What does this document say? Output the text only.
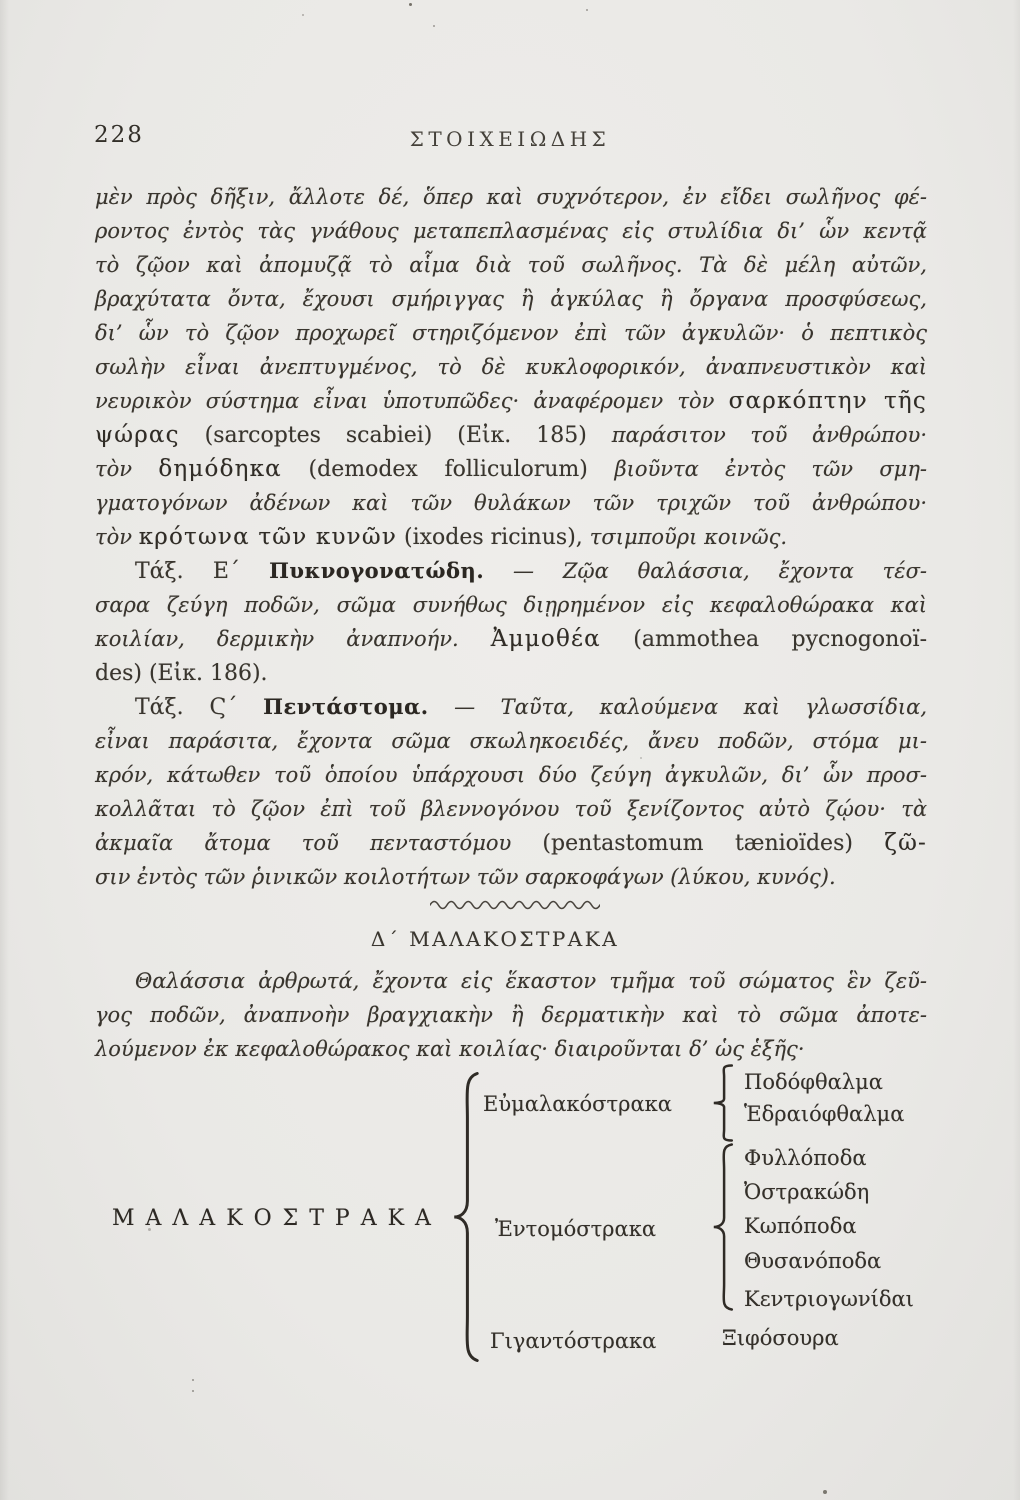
228	ΣΤΟΙΧΕΙΩΔΗΣ
μὲν πρὸς δῆξιν, ἄλλοτε δέ, ὅπερ καὶ συχνότερον, ἐν εἴδει σωλῆνος φέ-
ροντος ἐντὸς τὰς γνάθους μεταπεπλασμένας εἰς στυλίδια δι’ ὧν κεντᾷ
τὸ ζῷον καὶ ἀπομυζᾷ τὸ αἷμα διὰ τοῦ σωλῆνος. Τὰ δὲ μέλη αὐτῶν,
βραχύτατα ὄντα, ἔχουσι σμήριγγας ἢ ἀγκύλας ἢ ὄργανα προσφύσεως,
δι’ ὧν τὸ ζῷον προχωρεῖ στηριζόμενον ἐπὶ τῶν ἀγκυλῶν· ὁ πεπτικὸς
σωλὴν εἶναι ἀνεπτυγμένος, τὸ δὲ κυκλοφορικόν, ἀναπνευστικὸν καὶ
νευρικὸν σύστημα εἶναι ὑποτυπῶδες· ἀναφέρομεν τὸν σαρκόπτην τῆς
ψώρας (sarcoptes scabiei) (Εἰκ. 185) παράσιτον τοῦ ἀνθρώπου·
τὸν δημόδηκα (demodex folliculorum) βιοῦντα ἐντὸς τῶν σμη-
γματογόνων ἀδένων καὶ τῶν θυλάκων τῶν τριχῶν τοῦ ἀνθρώπου·
τὸν κρότωνα τῶν κυνῶν (ixodes ricinus), τσιμποῦρι κοινῶς.
Τάξ. Ε΄ Πυκνογονατώδη. — Ζῷα θαλάσσια, ἔχοντα τέσ-
σαρα ζεύγη ποδῶν, σῶμα συνήθως διῃρημένον εἰς κεφαλοθώρακα καὶ
κοιλίαν, δερμικὴν ἀναπνοήν. Ἀμμοθέα (ammothea pycnogonoï-
des) (Εἰκ. 186).
Τάξ. Ϛ΄ Πεντάστομα. — Ταῦτα, καλούμενα καὶ γλωσσίδια,
εἶναι παράσιτα, ἔχοντα σῶμα σκωληκοειδές, ἄνευ ποδῶν, στόμα μι-
κρόν, κάτωθεν τοῦ ὁποίου ὑπάρχουσι δύο ζεύγη ἀγκυλῶν, δι’ ὧν προσ-
κολλᾶται τὸ ζῷον ἐπὶ τοῦ βλεννογόνου τοῦ ξενίζοντος αὐτὸ ζῴου· τὰ
ἀκμαῖα ἄτομα τοῦ πενταστόμου (pentastomum tænioïdes) ζῶ-
σιν ἐντὸς τῶν ῥινικῶν κοιλοτήτων τῶν σαρκοφάγων (λύκου, κυνός).
Δ΄ ΜΑΛΑΚΟΣΤΡΑΚΑ
Θαλάσσια ἀρθρωτά, ἔχοντα εἰς ἕκαστον τμῆμα τοῦ σώματος ἓν ζεῦ-
γος ποδῶν, ἀναπνοὴν βραγχιακὴν ἢ δερματικὴν καὶ τὸ σῶμα ἀποτε-
λούμενον ἐκ κεφαλοθώρακος καὶ κοιλίας· διαιροῦνται δ’ ὡς ἑξῆς·
ΜΑΛΑΚΟΣΤΡΑΚΑ
Εὐμαλακόστρακα
Ποδόφθαλμα
Ἑδραιόφθαλμα
Ἐντομόστρακα
Φυλλόποδα
Ὀστρακώδη
Κωπόποδα
Θυσανόποδα
Κεντριογωνίδαι
Γιγαντόστρακα	Ξιφόσουρα
